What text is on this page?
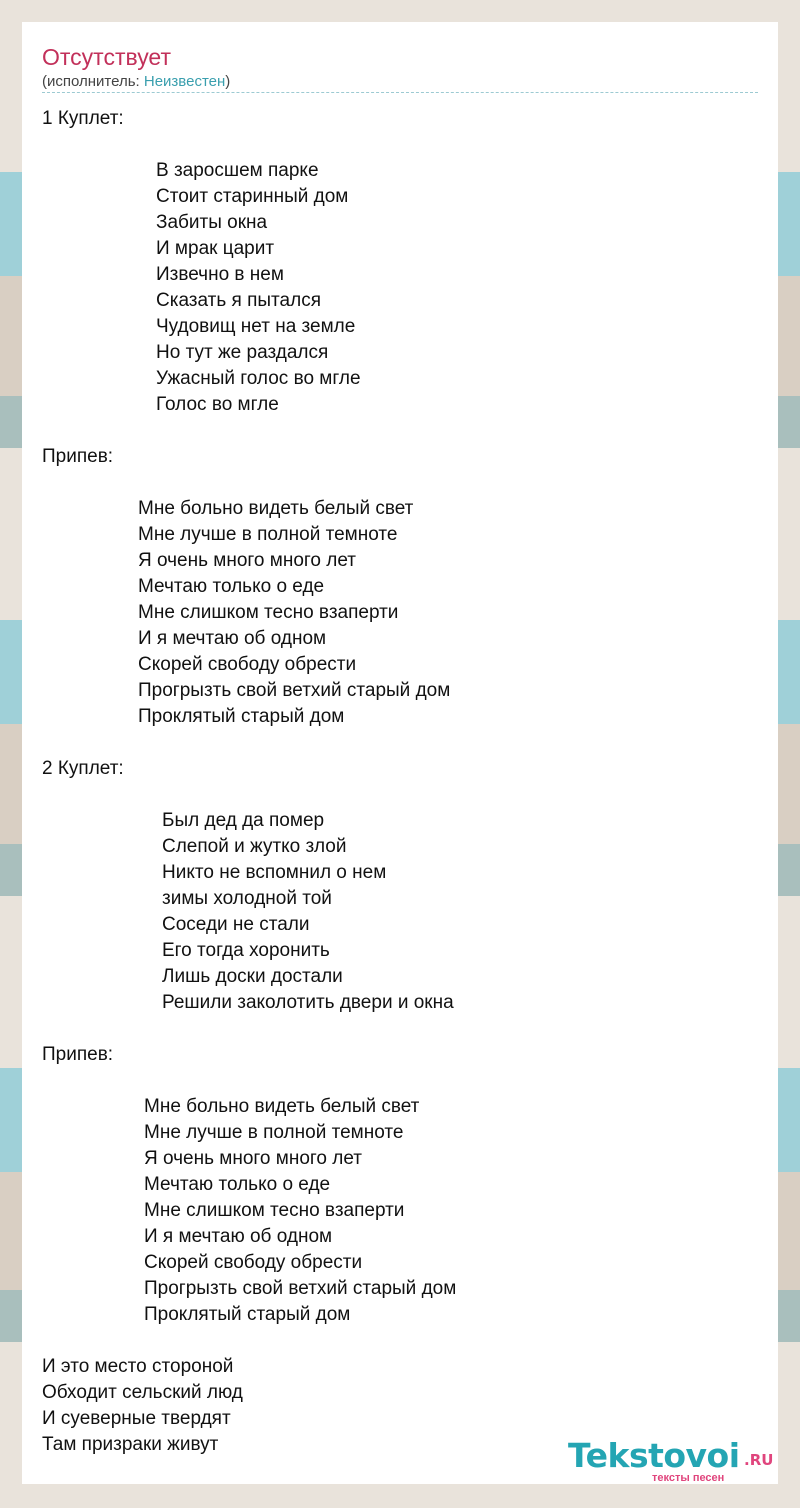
Отсутствует
(исполнитель: Неизвестен)
1 Куплет:
В заросшем парке
Стоит старинный дом
Забиты окна
И мрак царит
Извечно в нем
Сказать я пытался
Чудовищ нет на земле
Но тут же раздался
Ужасный голос во мгле
Голос во мгле
Припев:
Мне больно видеть белый свет
Мне лучше в полной темноте
Я очень много много лет
Мечтаю только о еде
Мне слишком тесно взаперти
И я мечтаю об одном
Скорей свободу обрести
Прогрызть свой ветхий старый дом
Проклятый старый дом
2 Куплет:
Был дед да помер
Слепой и жутко злой
Никто не вспомнил о нем
зимы холодной той
Соседи не стали
Его тогда хоронить
Лишь доски достали
Решили заколотить двери и окна
Припев:
Мне больно видеть белый свет
Мне лучше в полной темноте
Я очень много много лет
Мечтаю только о еде
Мне слишком тесно взаперти
И я мечтаю об одном
Скорей свободу обрести
Прогрызть свой ветхий старый дом
Проклятый старый дом
И это место стороной
Обходит сельский люд
И суеверные твердят
Там призраки живут	Tekstovoi .RU
тексты песен
